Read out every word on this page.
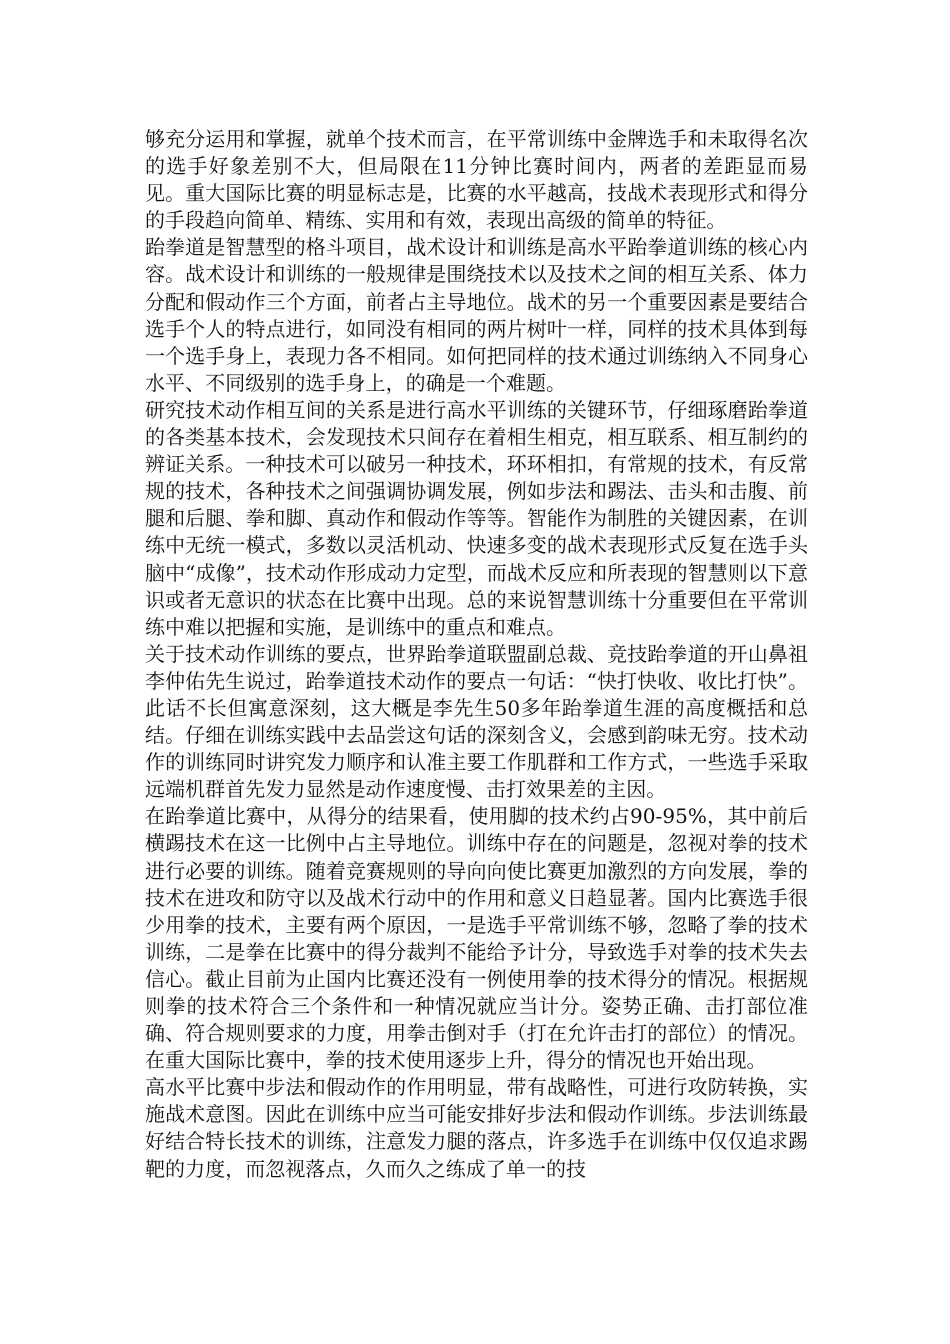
够充分运用和掌握，就单个技术而言，在平常训练中金牌选手和未取得名次的选手好象差别不大，但局限在11分钟比赛时间内，两者的差距显而易见。重大国际比赛的明显标志是，比赛的水平越高，技战术表现形式和得分的手段趋向简单、精练、实用和有效，表现出高级的简单的特征。

跆拳道是智慧型的格斗项目，战术设计和训练是高水平跆拳道训练的核心内容。战术设计和训练的一般规律是围绕技术以及技术之间的相互关系、体力分配和假动作三个方面，前者占主导地位。战术的另一个重要因素是要结合选手个人的特点进行，如同没有相同的两片树叶一样，同样的技术具体到每一个选手身上，表现力各不相同。如何把同样的技术通过训练纳入不同身心水平、不同级别的选手身上，的确是一个难题。

研究技术动作相互间的关系是进行高水平训练的关键环节，仔细琢磨跆拳道的各类基本技术，会发现技术只间存在着相生相克，相互联系、相互制约的辨证关系。一种技术可以破另一种技术，环环相扣，有常规的技术，有反常规的技术，各种技术之间强调协调发展，例如步法和踢法、击头和击腹、前腿和后腿、拳和脚、真动作和假动作等等。智能作为制胜的关键因素，在训练中无统一模式，多数以灵活机动、快速多变的战术表现形式反复在选手头脑中“成像”，技术动作形成动力定型，而战术反应和所表现的智慧则以下意识或者无意识的状态在比赛中出现。总的来说智慧训练十分重要但在平常训练中难以把握和实施，是训练中的重点和难点。

关于技术动作训练的要点，世界跆拳道联盟副总裁、竞技跆拳道的开山鼻祖李仲佑先生说过，跆拳道技术动作的要点一句话：“快打快收、收比打快”。此话不长但寓意深刻，这大概是李先生50多年跆拳道生涯的高度概括和总结。仔细在训练实践中去品尝这句话的深刻含义，会感到韵味无穷。技术动作的训练同时讲究发力顺序和认准主要工作肌群和工作方式，一些选手采取远端机群首先发力显然是动作速度慢、击打效果差的主因。

在跆拳道比赛中，从得分的结果看，使用脚的技术约占90-95%，其中前后横踢技术在这一比例中占主导地位。训练中存在的问题是，忽视对拳的技术进行必要的训练。随着竞赛规则的导向向使比赛更加激烈的方向发展，拳的技术在进攻和防守以及战术行动中的作用和意义日趋显著。国内比赛选手很少用拳的技术，主要有两个原因，一是选手平常训练不够，忽略了拳的技术训练，二是拳在比赛中的得分裁判不能给予计分，导致选手对拳的技术失去信心。截止目前为止国内比赛还没有一例使用拳的技术得分的情况。根据规则拳的技术符合三个条件和一种情况就应当计分。姿势正确、击打部位准确、符合规则要求的力度，用拳击倒对手（打在允许击打的部位）的情况。在重大国际比赛中，拳的技术使用逐步上升，得分的情况也开始出现。

高水平比赛中步法和假动作的作用明显，带有战略性，可进行攻防转换，实施战术意图。因此在训练中应当可能安排好步法和假动作训练。步法训练最好结合特长技术的训练，注意发力腿的落点，许多选手在训练中仅仅追求踢靶的力度，而忽视落点，久而久之练成了单一的技
